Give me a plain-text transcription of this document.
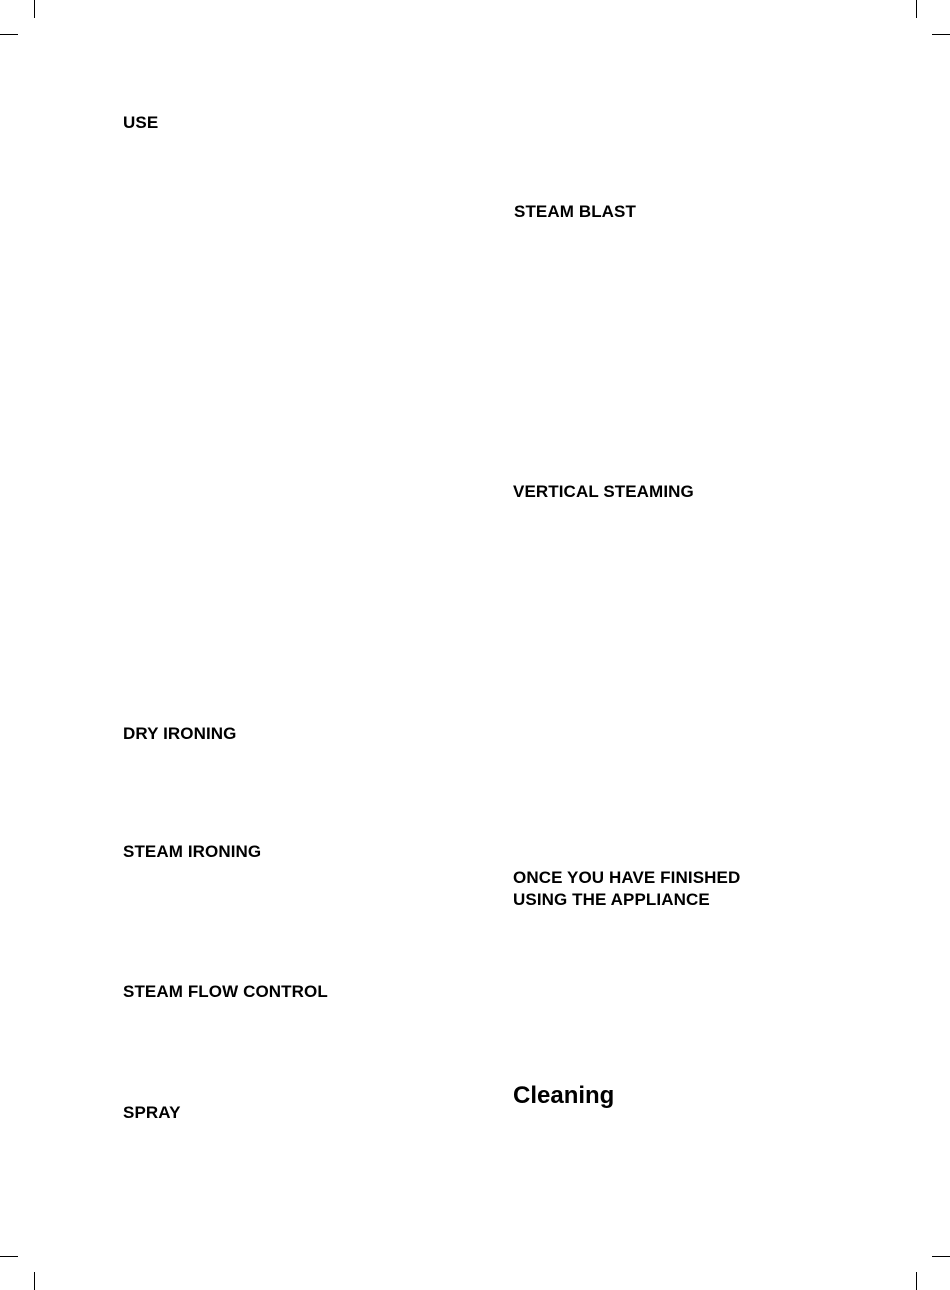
USE
DRY IRONING
STEAM IRONING
STEAM FLOW CONTROL
SPRAY
STEAM BLAST
VERTICAL STEAMING
ONCE YOU HAVE FINISHED
USING THE APPLIANCE
Cleaning
